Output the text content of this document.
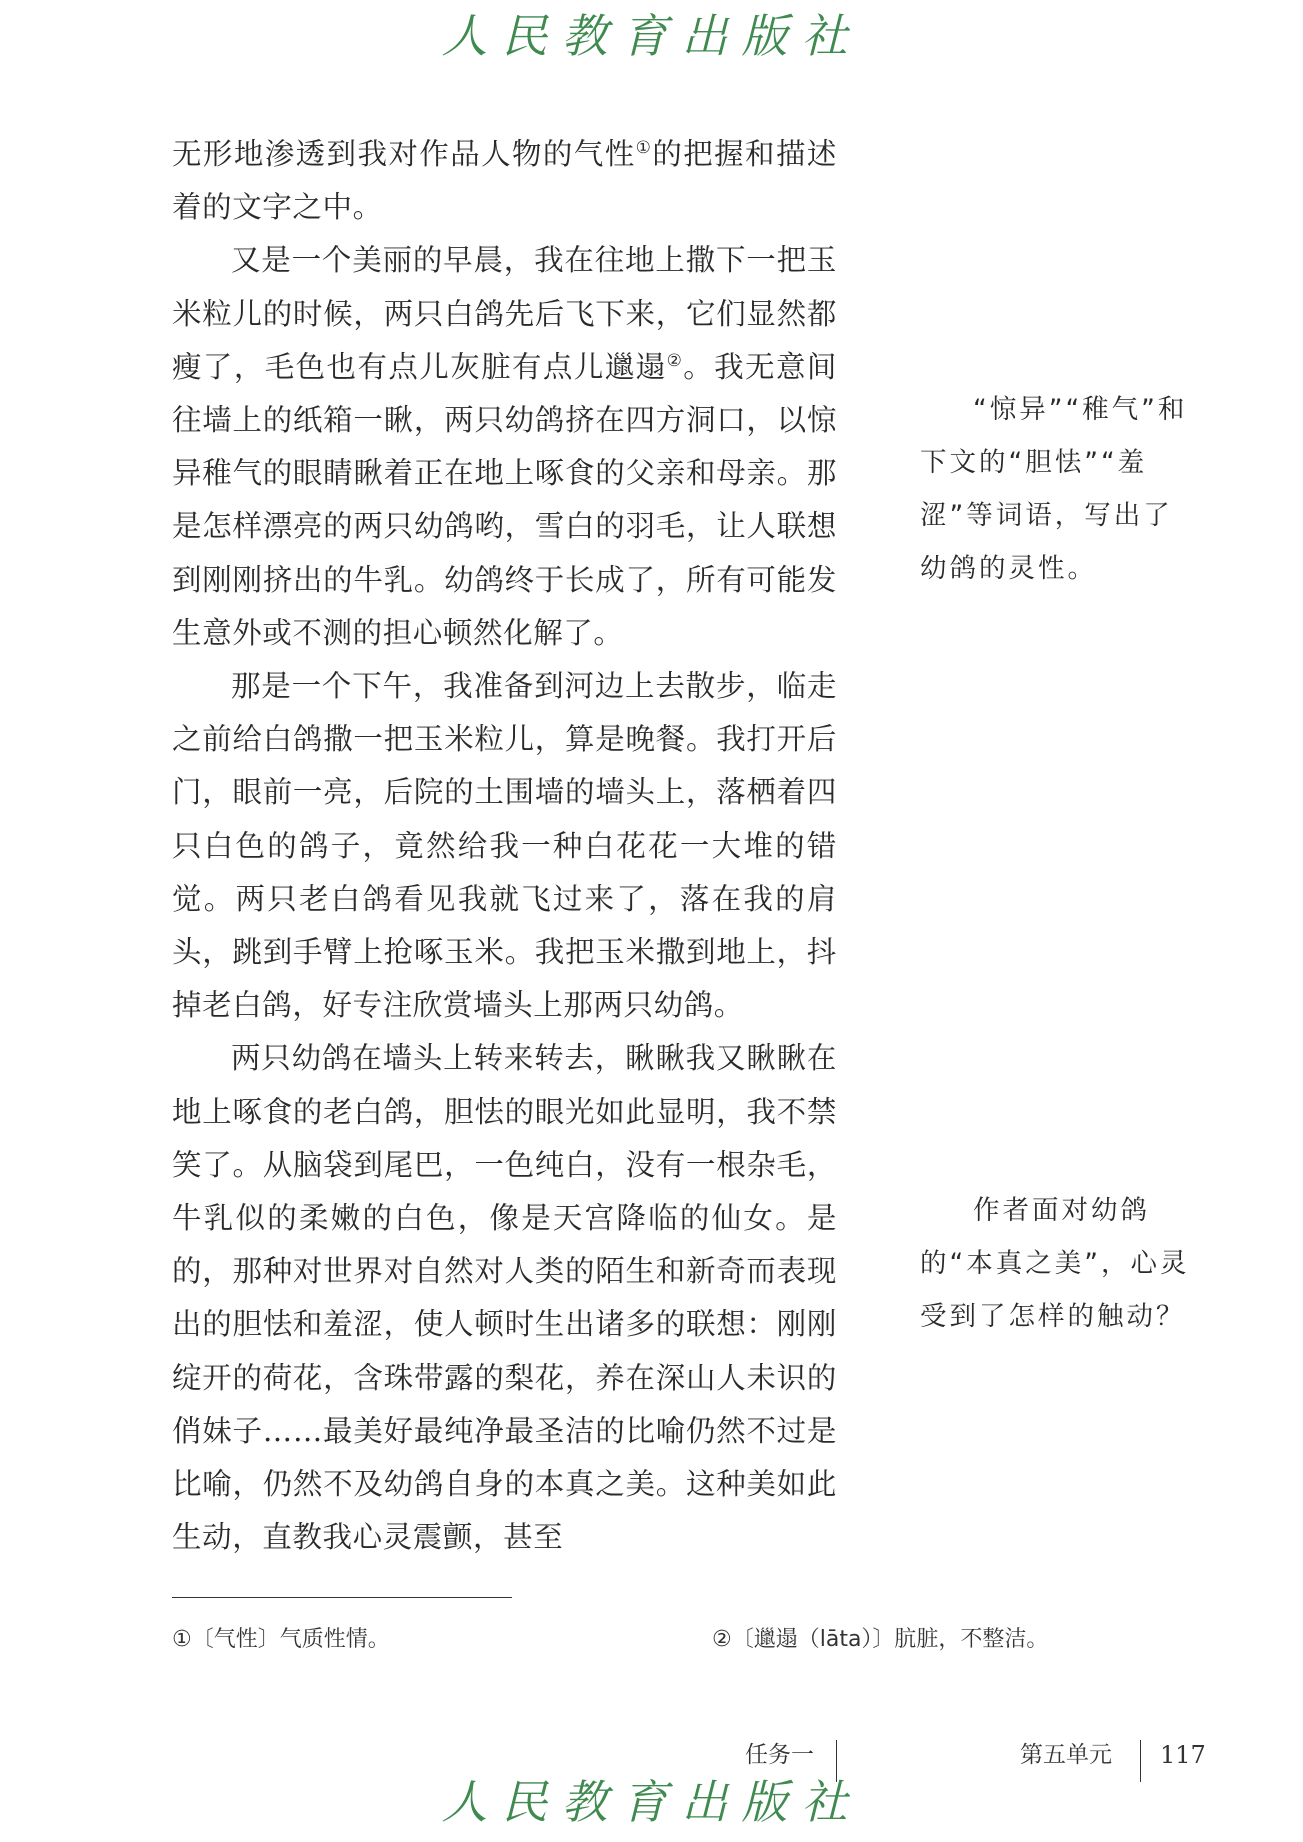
人民教育出版社

无形地渗透到我对作品人物的气性①的把握和描述着的文字之中。

又是一个美丽的早晨，我在往地上撒下一把玉米粒儿的时候，两只白鸽先后飞下来，它们显然都瘦了，毛色也有点儿灰脏有点儿邋遢②。我无意间往墙上的纸箱一瞅，两只幼鸽挤在四方洞口，以惊异稚气的眼睛瞅着正在地上啄食的父亲和母亲。那是怎样漂亮的两只幼鸽哟，雪白的羽毛，让人联想到刚刚挤出的牛乳。幼鸽终于长成了，所有可能发生意外或不测的担心顿然化解了。

那是一个下午，我准备到河边上去散步，临走之前给白鸽撒一把玉米粒儿，算是晚餐。我打开后门，眼前一亮，后院的土围墙的墙头上，落栖着四只白色的鸽子，竟然给我一种白花花一大堆的错觉。两只老白鸽看见我就飞过来了，落在我的肩头，跳到手臂上抢啄玉米。我把玉米撒到地上，抖掉老白鸽，好专注欣赏墙头上那两只幼鸽。

两只幼鸽在墙头上转来转去，瞅瞅我又瞅瞅在地上啄食的老白鸽，胆怯的眼光如此显明，我不禁笑了。从脑袋到尾巴，一色纯白，没有一根杂毛，牛乳似的柔嫩的白色，像是天宫降临的仙女。是的，那种对世界对自然对人类的陌生和新奇而表现出的胆怯和羞涩，使人顿时生出诸多的联想：刚刚绽开的荷花，含珠带露的梨花，养在深山人未识的俏妹子……最美好最纯净最圣洁的比喻仍然不过是比喻，仍然不及幼鸽自身的本真之美。这种美如此生动，直教我心灵震颤，甚至

“惊异”“稚气”和下文的“胆怯”“羞涩”等词语，写出了幼鸽的灵性。

作者面对幼鸽的“本真之美”，心灵受到了怎样的触动？

①〔气性〕气质性情。	②〔邋遢（lāta）〕肮脏，不整洁。
任务一	第五单元 117
人民教育出版社
